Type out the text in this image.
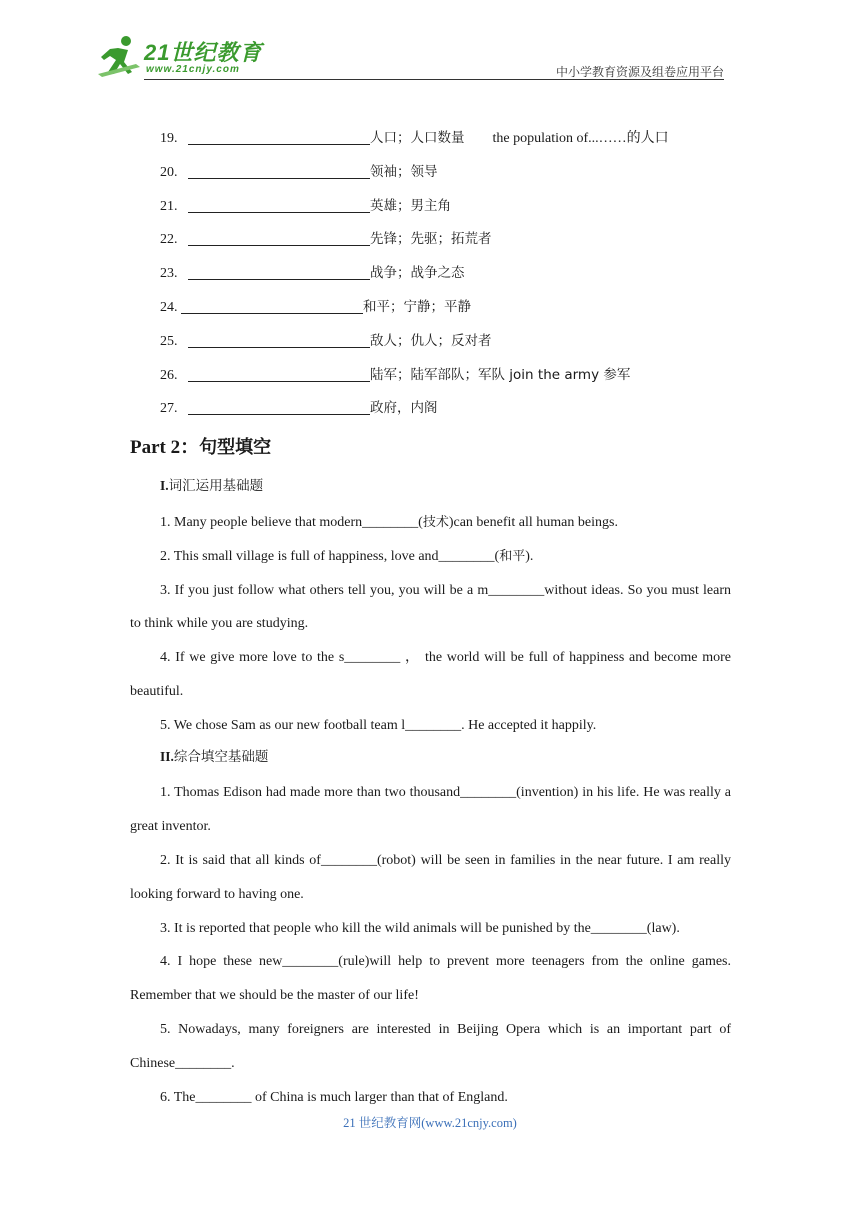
21世纪教育
www.21cnjy.com	中小学教育资源及组卷应用平台
19.	人口；人口数量 the population of...……的人口
20.	领袖；领导
21.	英雄；男主角
22.	先锋；先驱；拓荒者
23.	战争；战争之态
24.	和平；宁静；平静
25.	敌人；仇人；反对者
26.	陆军；陆军部队；军队 join the army 参军
27.	政府，内阁
Part 2：句型填空
I.词汇运用基础题

1. Many people believe that modern________(技术)can benefit all human beings.

2. This small village is full of happiness, love and________(和平).

3. If you just follow what others tell you, you will be a m________without ideas. So you must learn to think while you are studying.

4. If we give more love to the s________ ， the world will be full of happiness and become more beautiful.

5. We chose Sam as our new football team l________. He accepted it happily.

II.综合填空基础题

1. Thomas Edison had made more than two thousand________(invention) in his life. He was really a great inventor.

2. It is said that all kinds of________(robot) will be seen in families in the near future. I am really looking forward to having one.

3. It is reported that people who kill the wild animals will be punished by the________(law).

4. I hope these new________(rule)will help to prevent more teenagers from the online games. Remember that we should be the master of our life!

5. Nowadays, many foreigners are interested in Beijing Opera which is an important part of Chinese________.

6. The________ of China is much larger than that of England.

21 世纪教育网(www.21cnjy.com)
